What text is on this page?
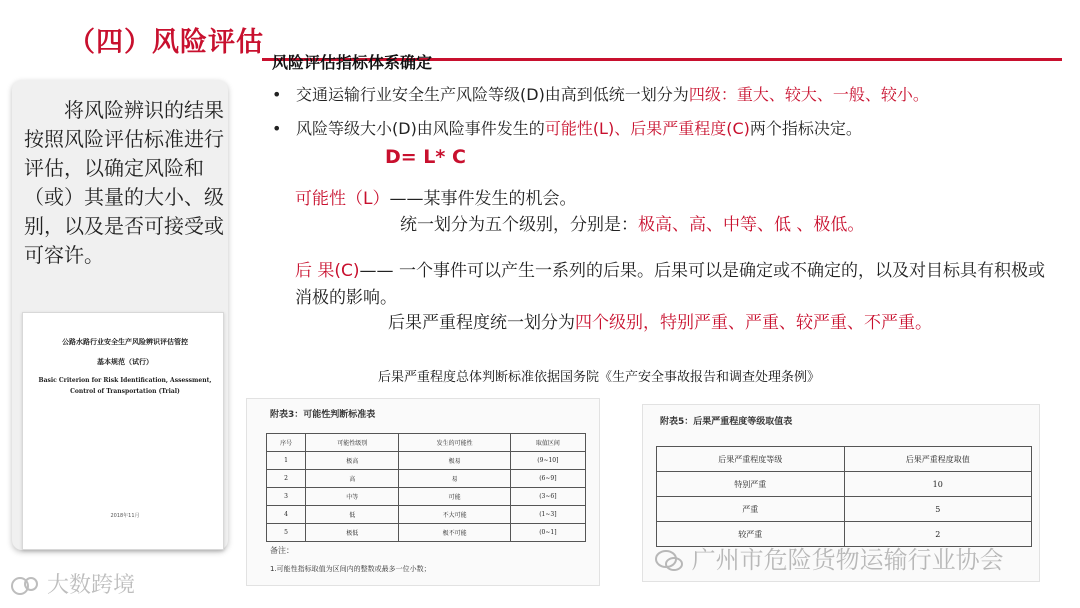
（四）风险评估
将风险辨识的结果按照风险评估标准进行评估，以确定风险和（或）其量的大小、级别，以及是否可接受或可容许。
公路水路行业安全生产风险辨识评估管控
基本规范（试行）
Basic Criterion for Risk Identification, Assessment, Control of Transportation (Trial)
2018年11月
风险评估指标体系确定
• 交通运输行业安全生产风险等级(D)由高到低统一划分为四级：重大、较大、一般、较小。
• 风险等级大小(D)由风险事件发生的可能性(L)、后果严重程度(C)两个指标决定。
D= L* C
可能性（L）——某事件发生的机会。
统一划分为五个级别，分别是：极高、高、中等、低 、极低。
后 果(C)—— 一个事件可以产生一系列的后果。后果可以是确定或不确定的，以及对目标具有积极或消极的影响。
后果严重程度统一划分为四个级别，特别严重、严重、较严重、不严重。
后果严重程度总体判断标准依据国务院《生产安全事故报告和调查处理条例》
附表3：可能性判断标准表
序号	可能性级别	发生的可能性	取值区间
1	极高	极易	(9~10]
2	高	易	(6~9]
3	中等	可能	(3~6]
4	低	不大可能	(1~3]
5	极低	极不可能	(0~1]
备注：
1.可能性指标取值为区间内的整数或最多一位小数；
附表5：后果严重程度等级取值表
后果严重程度等级	后果严重程度取值
特别严重	10
严重	5
较严重	2
大数跨境
广州市危险货物运输行业协会
